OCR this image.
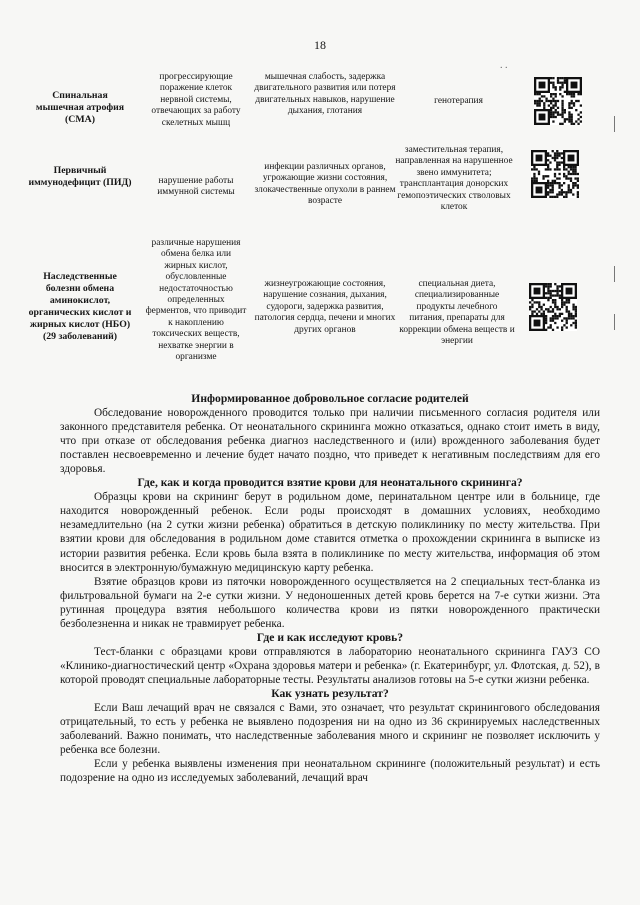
18
. .
Спинальная мышечная атрофия (СМА)
прогрессирующие поражение клеток нервной системы, отвечающих за работу скелетных мышц
мышечная слабость, задержка двигательного развития или потеря двигательных навыков, нарушение дыхания, глотания
генотерапия
Первичный иммунодефицит (ПИД)	нарушение работы иммунной системы
инфекции различных органов, угрожающие жизни состояния, злокачественные опухоли в раннем возрасте
заместительная терапия, направленная на нарушенное звено иммунитета; трансплантация донорских гемопоэтических стволовых клеток
Наследственные болезни обмена аминокислот, органических кислот и жирных кислот (НБО) (29 заболеваний)
различные нарушения обмена белка или жирных кислот, обусловленные недостаточностью определенных ферментов, что приводит к накоплению токсических веществ, нехватке энергии в организме
жизнеугрожающие состояния, нарушение сознания, дыхания, судороги, задержка развития, патология сердца, печени и многих других органов
специальная диета, специализированные продукты лечебного питания, препараты для коррекции обмена веществ и энергии
Информированное добровольное согласие родителей

Обследование новорожденного проводится только при наличии письменного согласия родителя или законного представителя ребенка. От неонатального скрининга можно отказаться, однако стоит иметь в виду, что при отказе от обследования ребенка диагноз наследственного и (или) врожденного заболевания будет поставлен несвоевременно и лечение будет начато поздно, что приведет к негативным последствиям для его здоровья.

Где, как и когда проводится взятие крови для неонатального скрининга?

Образцы крови на скрининг берут в родильном доме, перинатальном центре или в больнице, где находится новорожденный ребенок. Если роды происходят в домашних условиях, необходимо незамедлительно (на 2 сутки жизни ребенка) обратиться в детскую поликлинику по месту жительства. При взятии крови для обследования в родильном доме ставится отметка о прохождении скрининга в выписке из истории развития ребенка. Если кровь была взята в поликлинике по месту жительства, информация об этом вносится в электронную/бумажную медицинскую карту ребенка.

Взятие образцов крови из пяточки новорожденного осуществляется на 2 специальных тест-бланка из фильтровальной бумаги на 2-е сутки жизни. У недоношенных детей кровь берется на 7-е сутки жизни. Эта рутинная процедура взятия небольшого количества крови из пятки новорожденного практически безболезненна и никак не травмирует ребенка.

Где и как исследуют кровь?

Тест-бланки с образцами крови отправляются в лабораторию неонатального скрининга ГАУЗ СО «Клинико-диагностический центр «Охрана здоровья матери и ребенка» (г. Екатеринбург, ул. Флотская, д. 52), в которой проводят специальные лабораторные тесты. Результаты анализов готовы на 5-е сутки жизни ребенка.

Как узнать результат?

Если Ваш лечащий врач не связался с Вами, это означает, что результат скринингового обследования отрицательный, то есть у ребенка не выявлено подозрения ни на одно из 36 скринируемых наследственных заболеваний. Важно понимать, что наследственные заболевания много и скрининг не позволяет исключить у ребенка все болезни.

Если у ребенка выявлены изменения при неонатальном скрининге (положительный результат) и есть подозрение на одно из исследуемых заболеваний, лечащий врач
